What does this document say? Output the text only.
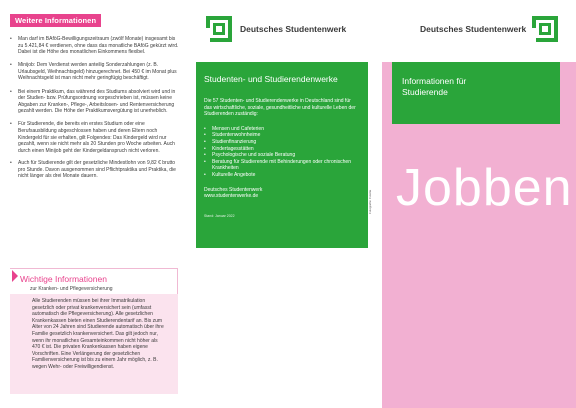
Weitere Informationen
• Man darf im BAföG-Bewilligungszeitraum (zwölf Monate) insgesamt bis zu 5.421,84 € verdienen, ohne dass das monatliche BAföG gekürzt wird. Dabei ist die Höhe des monatlichen Einkommens flexibel.
• Minijob: Dem Verdienst werden anteilig Sonderzahlungen (z. B. Urlaubsgeld, Weihnachtsgeld) hinzugerechnet. Bei 450 € im Monat plus Weihnachtsgeld ist man nicht mehr geringfügig beschäftigt.
• Bei einem Praktikum, das während des Studiums absolviert wird und in der Studien- bzw. Prüfungsordnung vorgeschrieben ist, müssen keine Abgaben zur Kranken-, Pflege-, Arbeitslosen- und Rentenversicherung gezahlt werden. Die Höhe der Praktikumsvergütung ist unerheblich.
• Für Studierende, die bereits ein erstes Studium oder eine Berufsausbildung abgeschlossen haben und deren Eltern noch Kindergeld für sie erhalten, gilt Folgendes: Das Kindergeld wird nur gezahlt, wenn sie nicht mehr als 20 Stunden pro Woche arbeiten. Auch durch einen Minijob geht der Kindergeldanspruch nicht verloren.
• Auch für Studierende gilt der gesetzliche Mindestlohn von 9,82 € brutto pro Stunde. Davon ausgenommen sind Pflichtpraktika und Praktika, die nicht länger als drei Monate dauern.
Wichtige Informationen
zur Kranken- und Pflegeversicherung

Alle Studierenden müssen bei ihrer Immatrikulation gesetzlich oder privat krankenversichert sein (umfasst automatisch die Pflegeversicherung). Alle gesetzlichen Krankenkassen bieten einen Studierendentarif an. Bis zum Alter von 24 Jahren sind Studierende automatisch über ihre Familie gesetzlich krankenversichert. Das gilt jedoch nur, wenn ihr monatliches Gesamteinkommen nicht höher als 470 € ist. Die privaten Krankenkassen haben eigene Vorschriften. Eine Verlängerung der gesetzlichen Familienversicherung ist bis zu einem Jahr möglich, z. B. wegen Wehr- oder Freiwilligendienst.

Deutsches Studentenwerk
Studenten- und Studierendenwerke

Die 57 Studenten- und Studierendenwerke in Deutschland sind für das wirtschaftliche, soziale, gesundheitliche und kulturelle Leben der Studierenden zuständig:

• Mensen und Cafeterien
• Studentenwohnheime
• Studienfinanzierung
• Kindertagesstätten
• Psychologische und soziale Beratung
• Beratung für Studierende mit Behinderungen oder chronischen Krankheiten
• Kulturelle Angebote
Deutsches Studentenwerk
www.studentenwerke.de
Stand: Januar 2022
Fotografie: Fotolia
Deutsches Studentenwerk
Informationen für
Studierende
Jobben
